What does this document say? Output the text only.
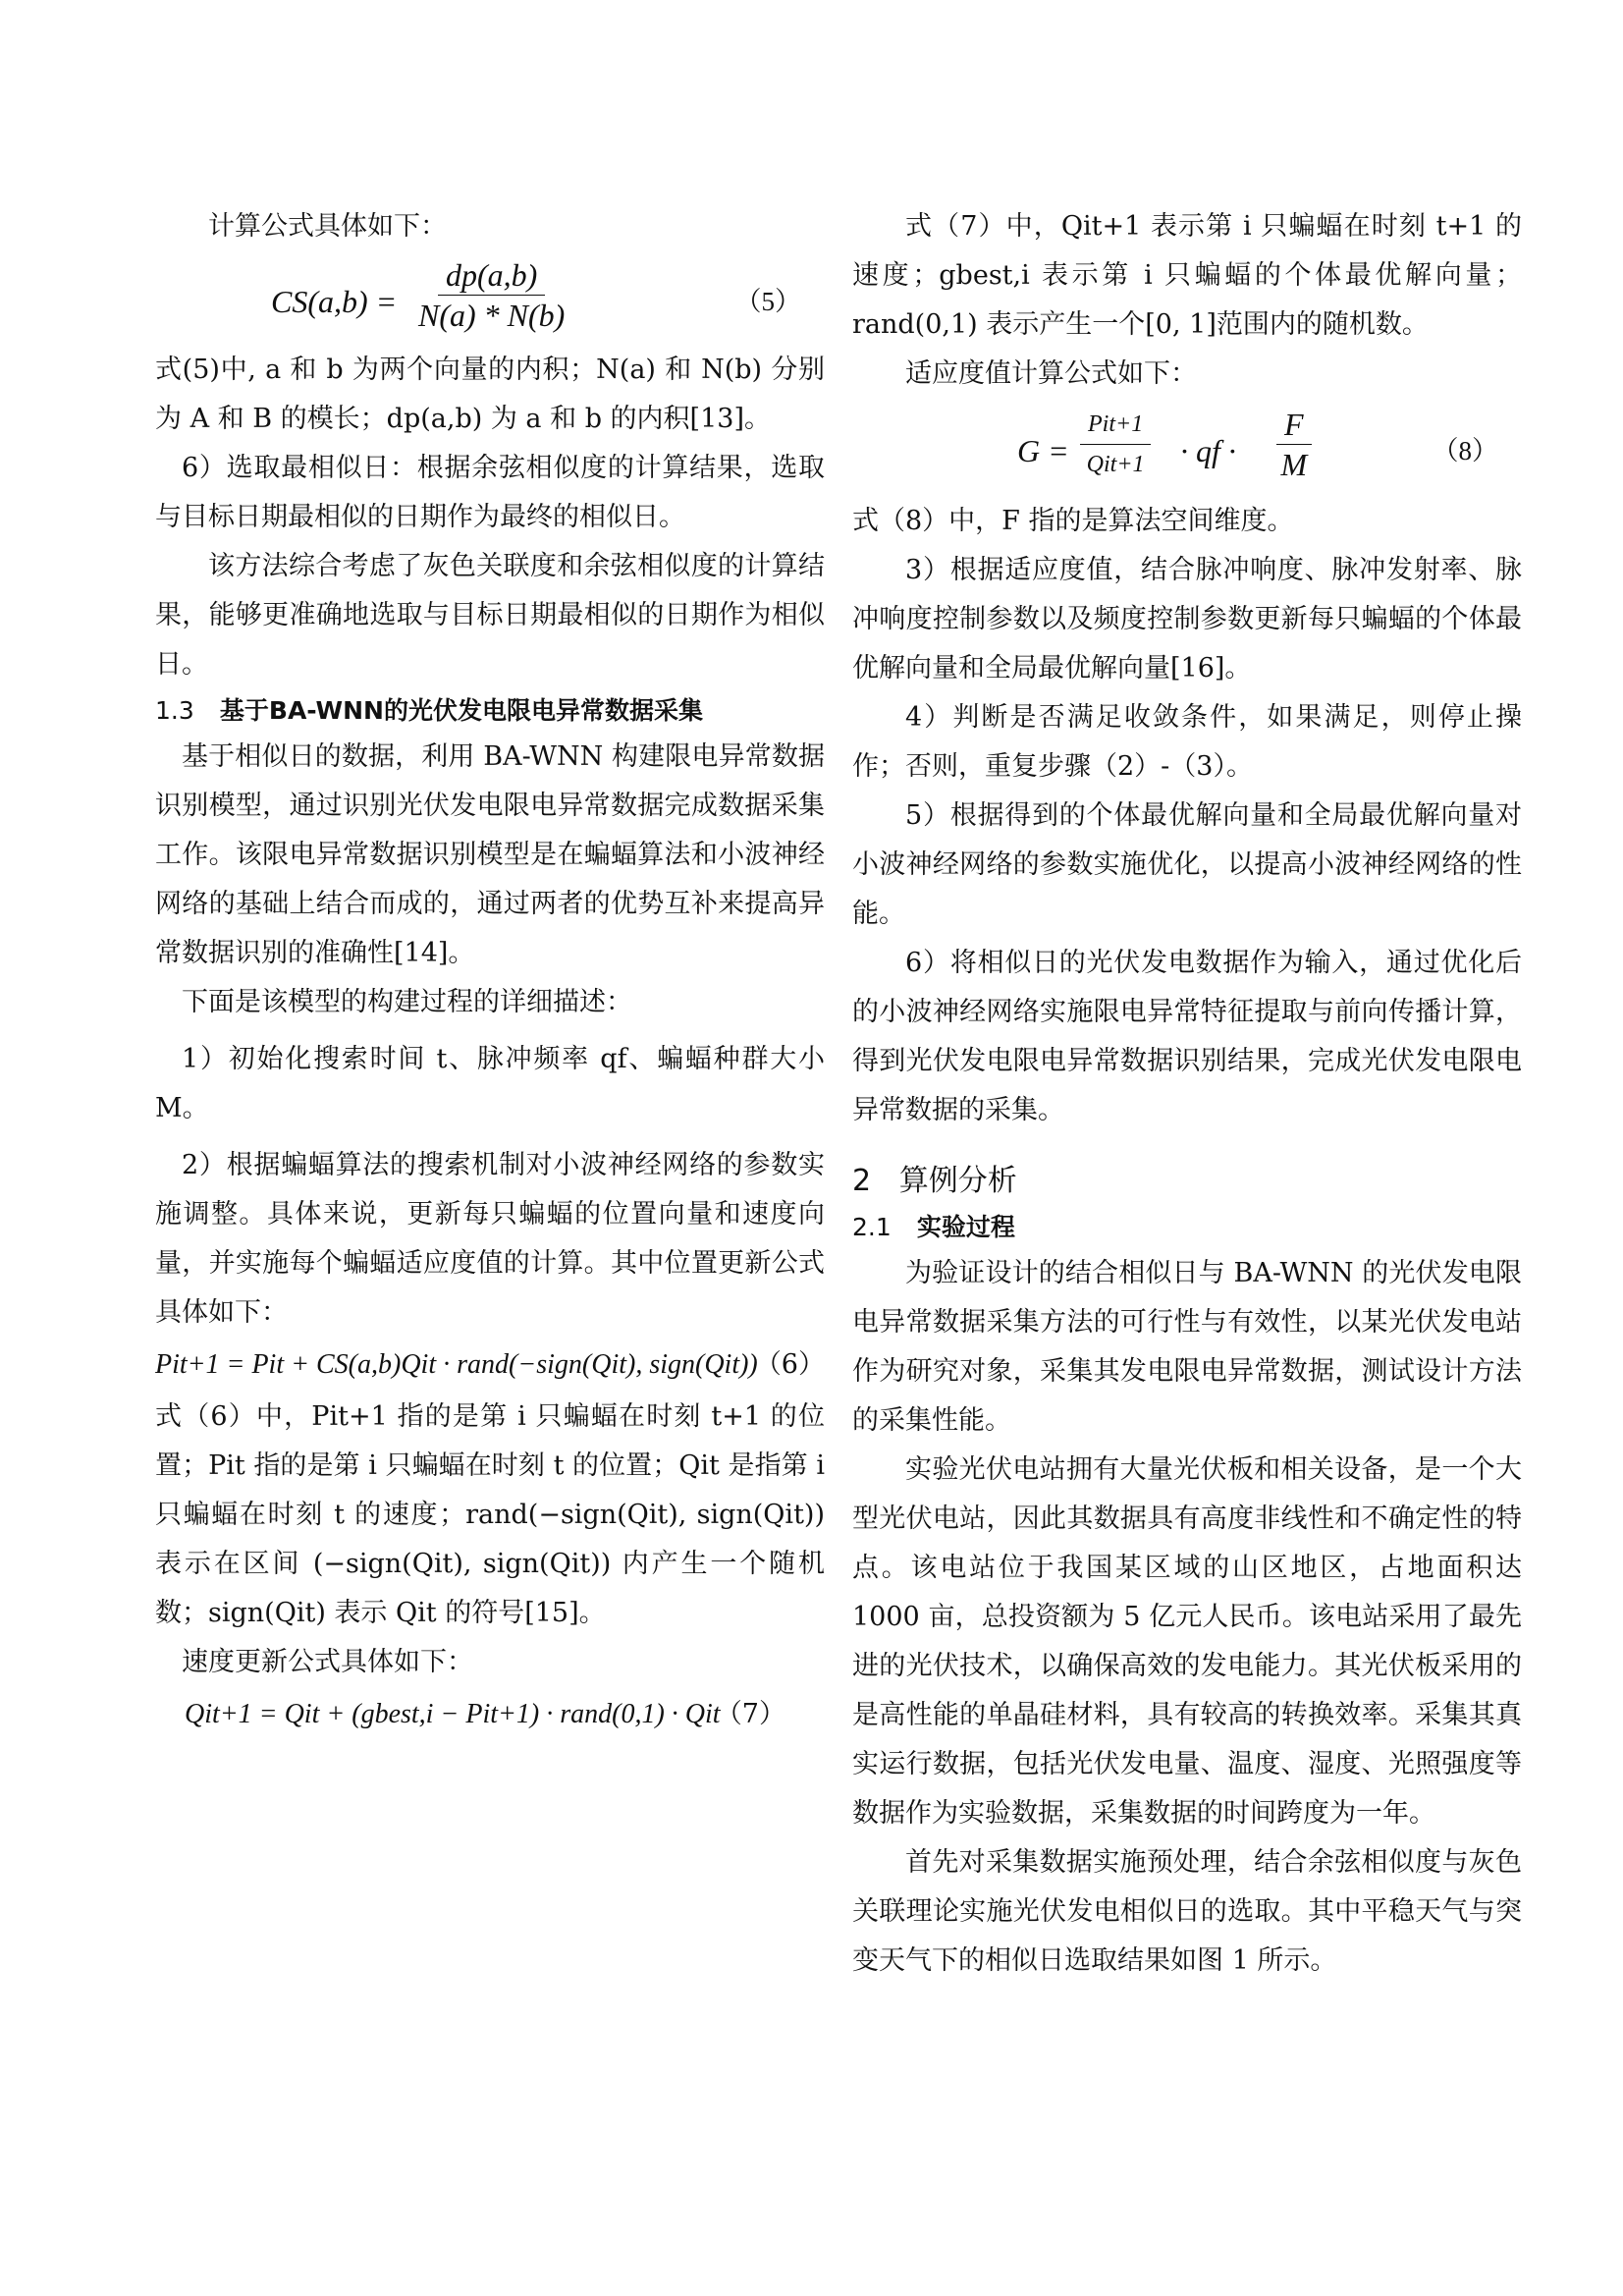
计算公式具体如下：

$CS(a,b) = \frac{dp(a,b)}{N(a) * N(b)}$	（5）

式(5)中, a 和 b 为两个向量的内积；N(a) 和 N(b) 分别为 A 和 B 的模长；dp(a,b) 为 a 和 b 的内积[13]。

6）选取最相似日：根据余弦相似度的计算结果，选取与目标日期最相似的日期作为最终的相似日。

该方法综合考虑了灰色关联度和余弦相似度的计算结果，能够更准确地选取与目标日期最相似的日期作为相似日。

1.3 基于BA-WNN的光伏发电限电异常数据采集

基于相似日的数据，利用 BA-WNN 构建限电异常数据识别模型，通过识别光伏发电限电异常数据完成数据采集工作。该限电异常数据识别模型是在蝙蝠算法和小波神经网络的基础上结合而成的，通过两者的优势互补来提高异常数据识别的准确性[14]。

下面是该模型的构建过程的详细描述：

1）初始化搜索时间 t、脉冲频率 qf、蝙蝠种群大小 M。

2）根据蝙蝠算法的搜索机制对小波神经网络的参数实施调整。具体来说，更新每只蝙蝠的位置向量和速度向量，并实施每个蝙蝠适应度值的计算。其中位置更新公式具体如下：

Pit+1 = Pit + CS(a,b)Qit · rand(−sign(Qit), sign(Qit))
（6）

式（6）中，Pit+1 指的是第 i 只蝙蝠在时刻 t+1 的位置；Pit 指的是第 i 只蝙蝠在时刻 t 的位置；Qit 是指第 i 只蝙蝠在时刻 t 的速度；rand(−sign(Qit), sign(Qit)) 表示在区间 (−sign(Qit), sign(Qit)) 内产生一个随机数；sign(Qit) 表示 Qit 的符号[15]。

速度更新公式具体如下：

Qit+1 = Qit + (gbest,i − Pit+1) · rand(0,1) · Qit
（7）

式（7）中，Qit+1 表示第 i 只蝙蝠在时刻 t+1 的速度；gbest,i 表示第 i 只蝙蝠的个体最优解向量；rand(0,1) 表示产生一个[0, 1]范围内的随机数。

适应度值计算公式如下：

G =
Pit+1
Qit+1 · qf · $\frac{F}{M}$	（8）

式（8）中，F 指的是算法空间维度。

3）根据适应度值，结合脉冲响度、脉冲发射率、脉冲响度控制参数以及频度控制参数更新每只蝙蝠的个体最优解向量和全局最优解向量[16]。

4）判断是否满足收敛条件，如果满足，则停止操作；否则，重复步骤（2）-（3）。

5）根据得到的个体最优解向量和全局最优解向量对小波神经网络的参数实施优化，以提高小波神经网络的性能。

6）将相似日的光伏发电数据作为输入，通过优化后的小波神经网络实施限电异常特征提取与前向传播计算，得到光伏发电限电异常数据识别结果，完成光伏发电限电异常数据的采集。

2 算例分析
2.1 实验过程

为验证设计的结合相似日与 BA-WNN 的光伏发电限电异常数据采集方法的可行性与有效性，以某光伏发电站作为研究对象，采集其发电限电异常数据，测试设计方法的采集性能。

实验光伏电站拥有大量光伏板和相关设备，是一个大型光伏电站，因此其数据具有高度非线性和不确定性的特点。该电站位于我国某区域的山区地区，占地面积达 1000 亩，总投资额为 5 亿元人民币。该电站采用了最先进的光伏技术，以确保高效的发电能力。其光伏板采用的是高性能的单晶硅材料，具有较高的转换效率。采集其真实运行数据，包括光伏发电量、温度、湿度、光照强度等数据作为实验数据，采集数据的时间跨度为一年。

首先对采集数据实施预处理，结合余弦相似度与灰色关联理论实施光伏发电相似日的选取。其中平稳天气与突变天气下的相似日选取结果如图 1 所示。
